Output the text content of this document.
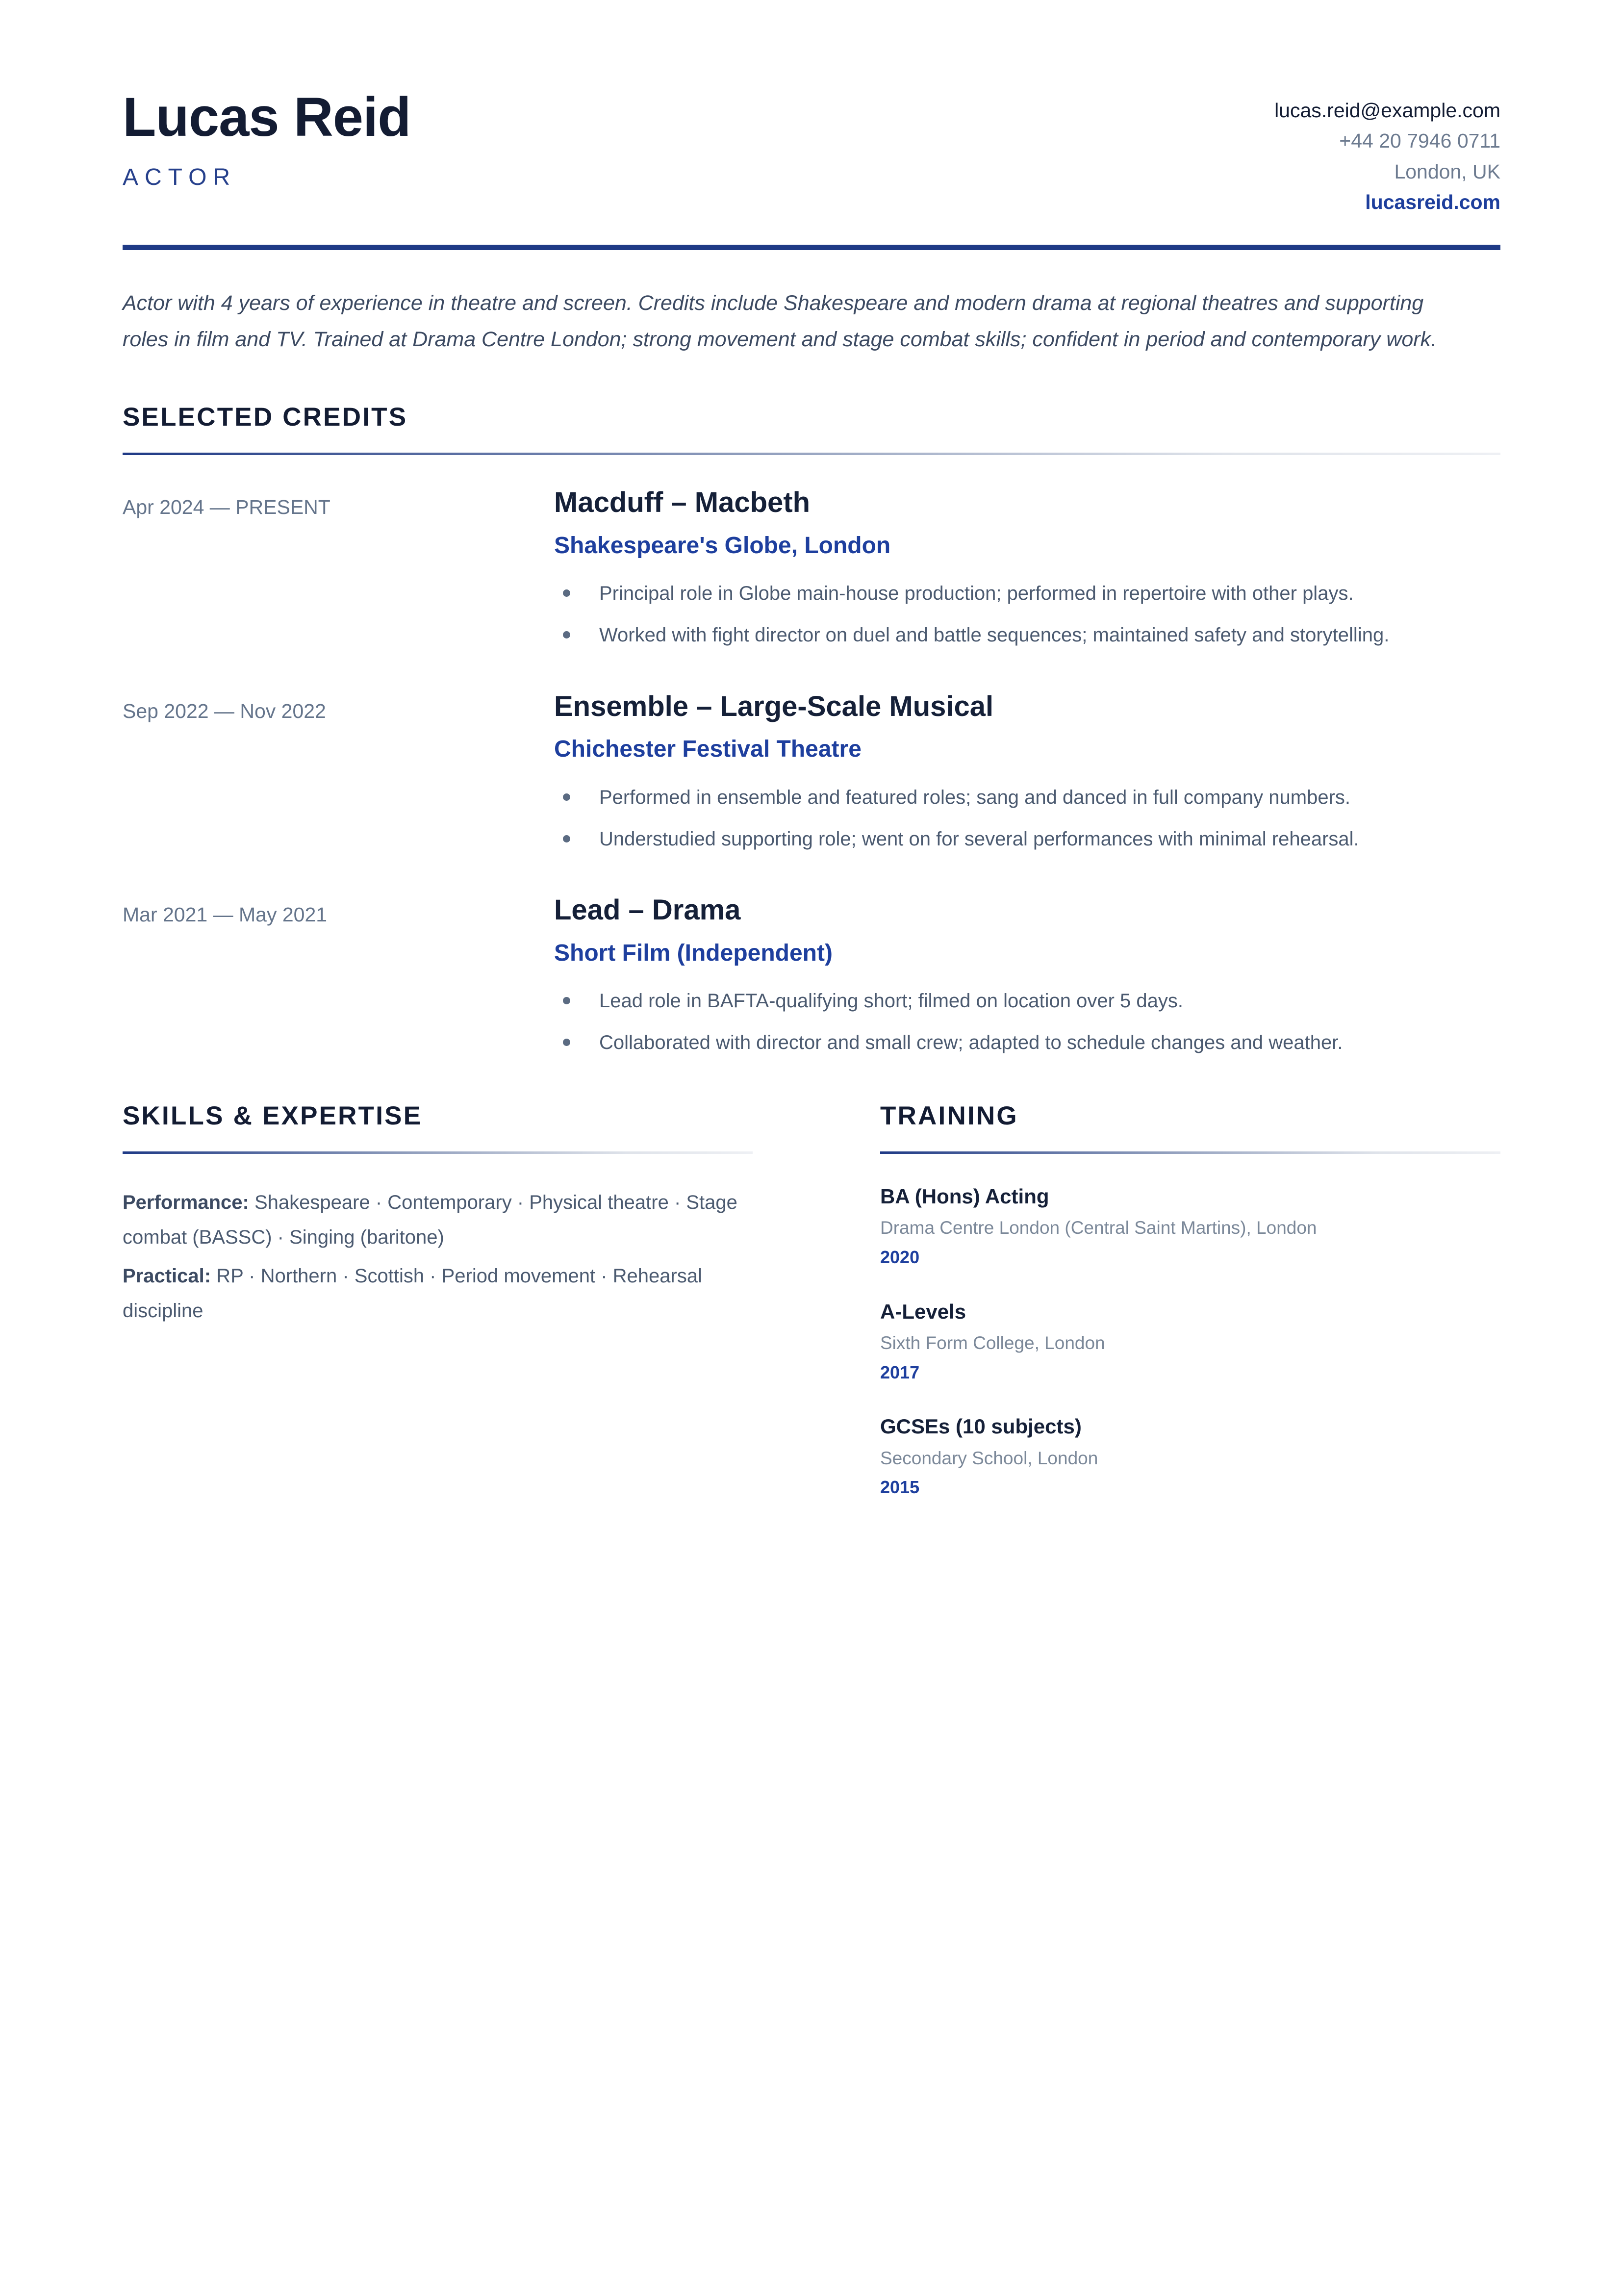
Lucas Reid
ACTOR
lucas.reid@example.com
+44 20 7946 0711
London, UK
lucasreid.com

Actor with 4 years of experience in theatre and screen. Credits include Shakespeare and modern drama at regional theatres and supporting roles in film and TV. Trained at Drama Centre London; strong movement and stage combat skills; confident in period and contemporary work.

SELECTED CREDITS
Apr 2024 — PRESENT	Macduff – Macbeth
Shakespeare's Globe, London
Principal role in Globe main-house production; performed in repertoire with other plays.
Worked with fight director on duel and battle sequences; maintained safety and storytelling.
Sep 2022 — Nov 2022	Ensemble – Large-Scale Musical
Chichester Festival Theatre
Performed in ensemble and featured roles; sang and danced in full company numbers.
Understudied supporting role; went on for several performances with minimal rehearsal.
Mar 2021 — May 2021	Lead – Drama
Short Film (Independent)
Lead role in BAFTA-qualifying short; filmed on location over 5 days.
Collaborated with director and small crew; adapted to schedule changes and weather.
SKILLS & EXPERTISE
Performance: Shakespeare · Contemporary · Physical theatre · Stage combat (BASSC) · Singing (baritone)
Practical: RP · Northern · Scottish · Period movement · Rehearsal discipline
TRAINING
BA (Hons) Acting
Drama Centre London (Central Saint Martins), London
2020
A-Levels
Sixth Form College, London
2017
GCSEs (10 subjects)
Secondary School, London
2015
